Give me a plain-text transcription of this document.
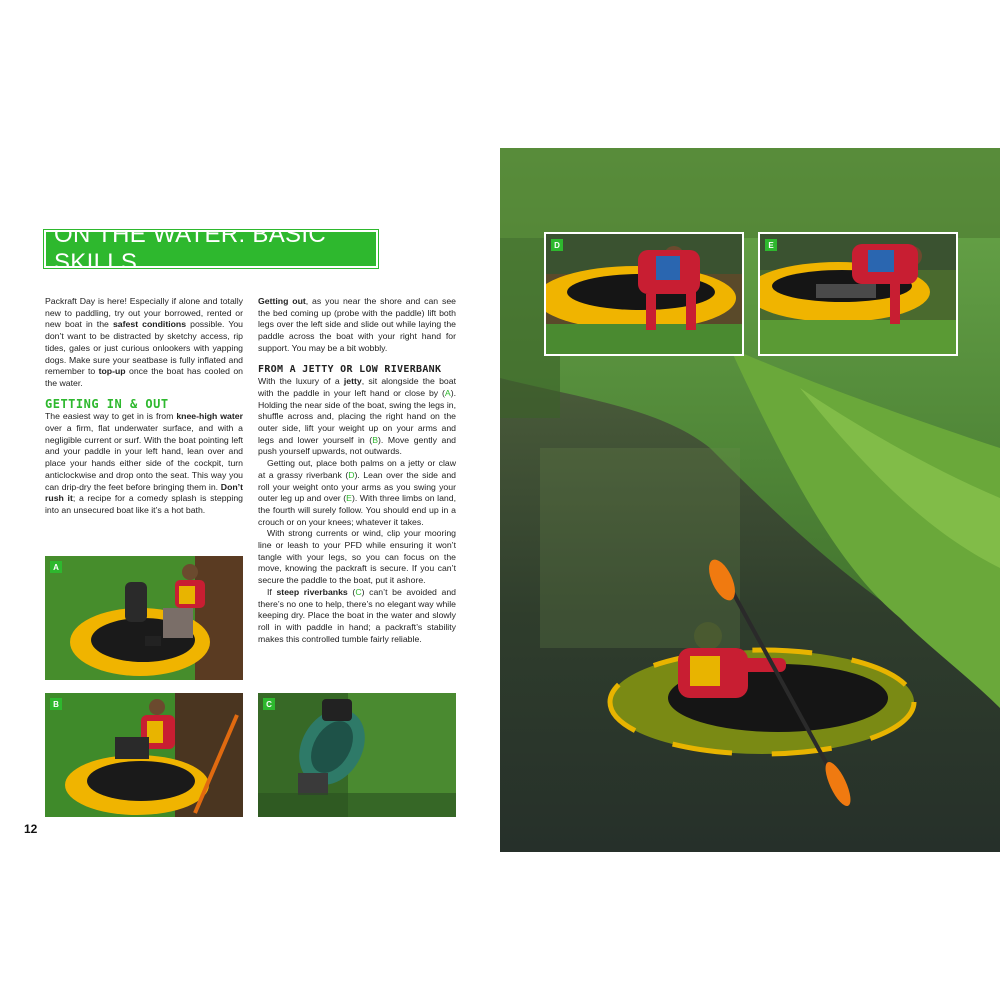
ON THE WATER: BASIC SKILLS

Packraft Day is here! Especially if alone and totally new to paddling, try out your borrowed, rented or new boat in the safest conditions possible. You don’t want to be distracted by sketchy access, rip tides, gales or just curious onlookers with yapping dogs. Make sure your seatbase is fully inflated and remember to top-up once the boat has cooled on the water.

GETTING IN & OUT

The easiest way to get in is from knee-high water over a firm, flat underwater surface, and with a negligible current or surf. With the boat pointing left and your paddle in your left hand, lean over and place your hands either side of the cockpit, turn anticlockwise and drop onto the seat. This way you can drip-dry the feet before bringing them in. Don’t rush it; a recipe for a comedy splash is stepping into an unsecured boat like it’s a hot bath.

Getting out, as you near the shore and can see the bed coming up (probe with the paddle) lift both legs over the left side and slide out while laying the paddle across the boat with your right hand for support. You may be a bit wobbly.

FROM A JETTY OR LOW RIVERBANK

With the luxury of a jetty, sit alongside the boat with the paddle in your left hand or close by (A). Holding the near side of the boat, swing the legs in, shuffle across and, placing the right hand on the outer side, lift your weight up on your arms and legs and lower yourself in (B). Move gently and push yourself upwards, not outwards.

Getting out, place both palms on a jetty or claw at a grassy riverbank (D). Lean over the side and roll your weight onto your arms as you swing your outer leg up and over (E). With three limbs on land, the fourth will surely follow. You should end up in a crouch or on your knees; whatever it takes.

With strong currents or wind, clip your mooring line or leash to your PFD while ensuring it won’t tangle with your legs, so you can focus on the move, knowing the packraft is secure. If you can’t secure the paddle to the boat, put it ashore.

If steep riverbanks (C) can’t be avoided and there’s no one to help, there’s no elegant way while keeping dry. Place the boat in the water and slowly roll in with paddle in hand; a packraft’s stability makes this controlled tumble fairly reliable.

A
B	C
12
D	E
